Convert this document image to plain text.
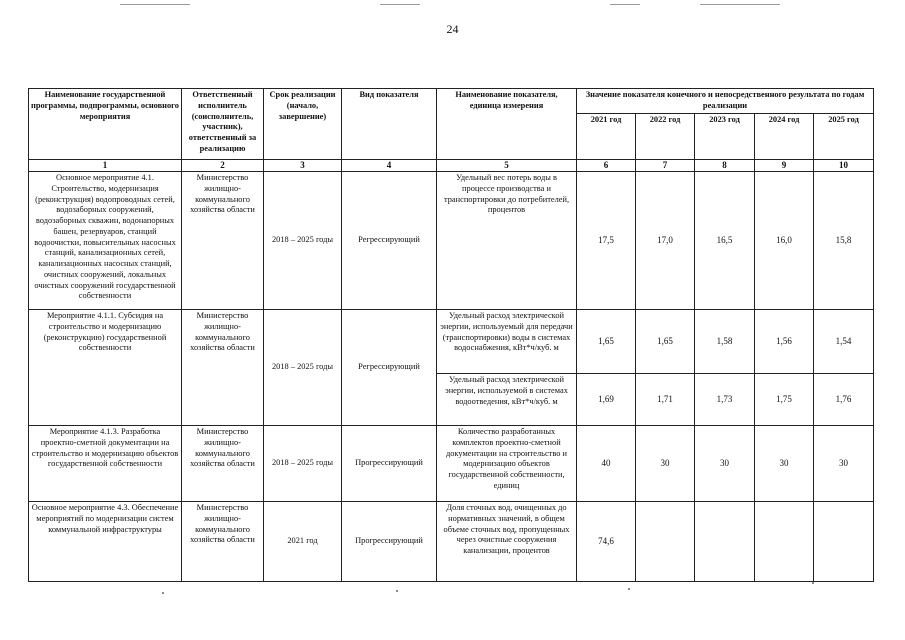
24
Наименование государственной программы, подпрограммы, основного мероприятия	Ответственный исполнитель (соисполнитель, участник), ответственный за реализацию	Срок реализации (начало, завершение)	Вид показателя	Наименование показателя, единица измерения	Значение показателя конечного и непосредственного результата по годам реализации				
					2021 год	2022 год	2023 год	2024 год	2025 год
1	2	3	4	5	6	7	8	9	10
Основное мероприятие 4.1. Строительство, модернизация (реконструкция) водопроводных сетей, водозаборных сооружений, водозаборных скважин, водонапорных башен, резервуаров, станций водоочистки, повысительных насосных станций, канализационных сетей, канализационных насосных станций, очистных сооружений, локальных очистных сооружений государственной собственности	Министерство жилищно-коммунального хозяйства области	2018 – 2025 годы	Регрессирующий	Удельный вес потерь воды в процессе производства и транспортировки до потребителей, процентов	17,5	17,0	16,5	16,0	15,8
Мероприятие 4.1.1. Субсидия на строительство и модернизацию (реконструкцию) государственной собственности	Министерство жилищно-коммунального хозяйства области	2018 – 2025 годы	Регрессирующий	Удельный расход электрической энергии, используемый для передачи (транспортировки) воды в системах водоснабжения, кВт*ч/куб. м	1,65	1,65	1,58	1,56	1,54
				Удельный расход электрической энергии, используемой в системах водоотведения, кВт*ч/куб. м	1,69	1,71	1,73	1,75	1,76
Мероприятие 4.1.3. Разработка проектно-сметной документации на строительство и модернизацию объектов государственной собственности	Министерство жилищно-коммунального хозяйства области	2018 – 2025 годы	Прогрессирующий	Количество разработанных комплектов проектно-сметной документации на строительство и модернизацию объектов государственной собственности, единиц	40	30	30	30	30
Основное мероприятие 4.3. Обеспечение мероприятий по модернизации систем коммунальной инфраструктуры	Министерство жилищно-коммунального хозяйства области	2021 год	Прогрессирующий	Доля сточных вод, очищенных до нормативных значений, в общем объеме сточных вод, пропущенных через очистные сооружения канализации, процентов	74,6				
